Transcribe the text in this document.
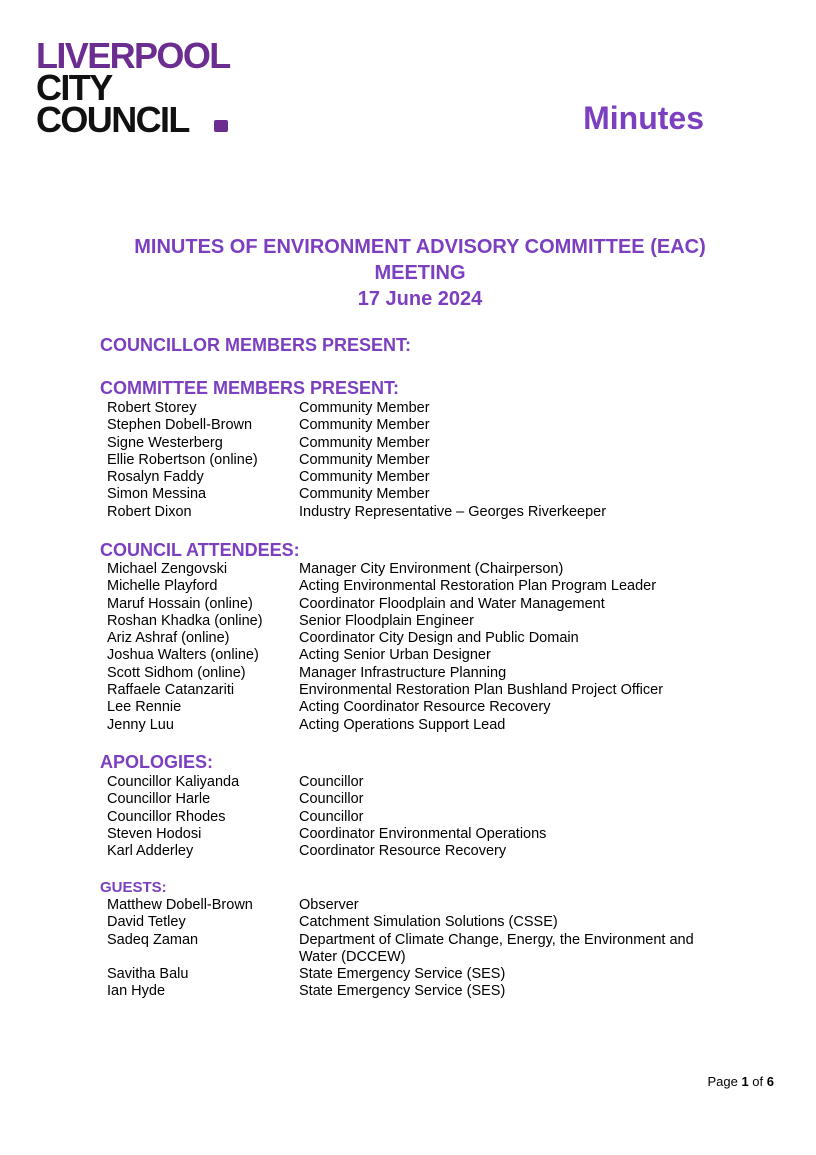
LIVERPOOL
CITY
COUNCIL	Minutes
MINUTES OF ENVIRONMENT ADVISORY COMMITTEE (EAC)
MEETING
17 June 2024
COUNCILLOR MEMBERS PRESENT:
COMMITTEE MEMBERS PRESENT:
Robert Storey	Community Member
Stephen Dobell-Brown	Community Member
Signe Westerberg	Community Member
Ellie Robertson (online)	Community Member
Rosalyn Faddy	Community Member
Simon Messina	Community Member
Robert Dixon	Industry Representative – Georges Riverkeeper
COUNCIL ATTENDEES:
Michael Zengovski	Manager City Environment (Chairperson)
Michelle Playford	Acting Environmental Restoration Plan Program Leader
Maruf Hossain (online)	Coordinator Floodplain and Water Management
Roshan Khadka (online)	Senior Floodplain Engineer
Ariz Ashraf (online)	Coordinator City Design and Public Domain
Joshua Walters (online)	Acting Senior Urban Designer
Scott Sidhom (online)	Manager Infrastructure Planning
Raffaele Catanzariti	Environmental Restoration Plan Bushland Project Officer
Lee Rennie	Acting Coordinator Resource Recovery
Jenny Luu	Acting Operations Support Lead
APOLOGIES:
Councillor Kaliyanda	Councillor
Councillor Harle	Councillor
Councillor Rhodes	Councillor
Steven Hodosi	Coordinator Environmental Operations
Karl Adderley	Coordinator Resource Recovery
GUESTS:
Matthew Dobell-Brown	Observer
David Tetley	Catchment Simulation Solutions (CSSE)
Sadeq Zaman	Department of Climate Change, Energy, the Environment and Water (DCCEW)
Savitha Balu	State Emergency Service (SES)
Ian Hyde	State Emergency Service (SES)
Page 1 of 6
